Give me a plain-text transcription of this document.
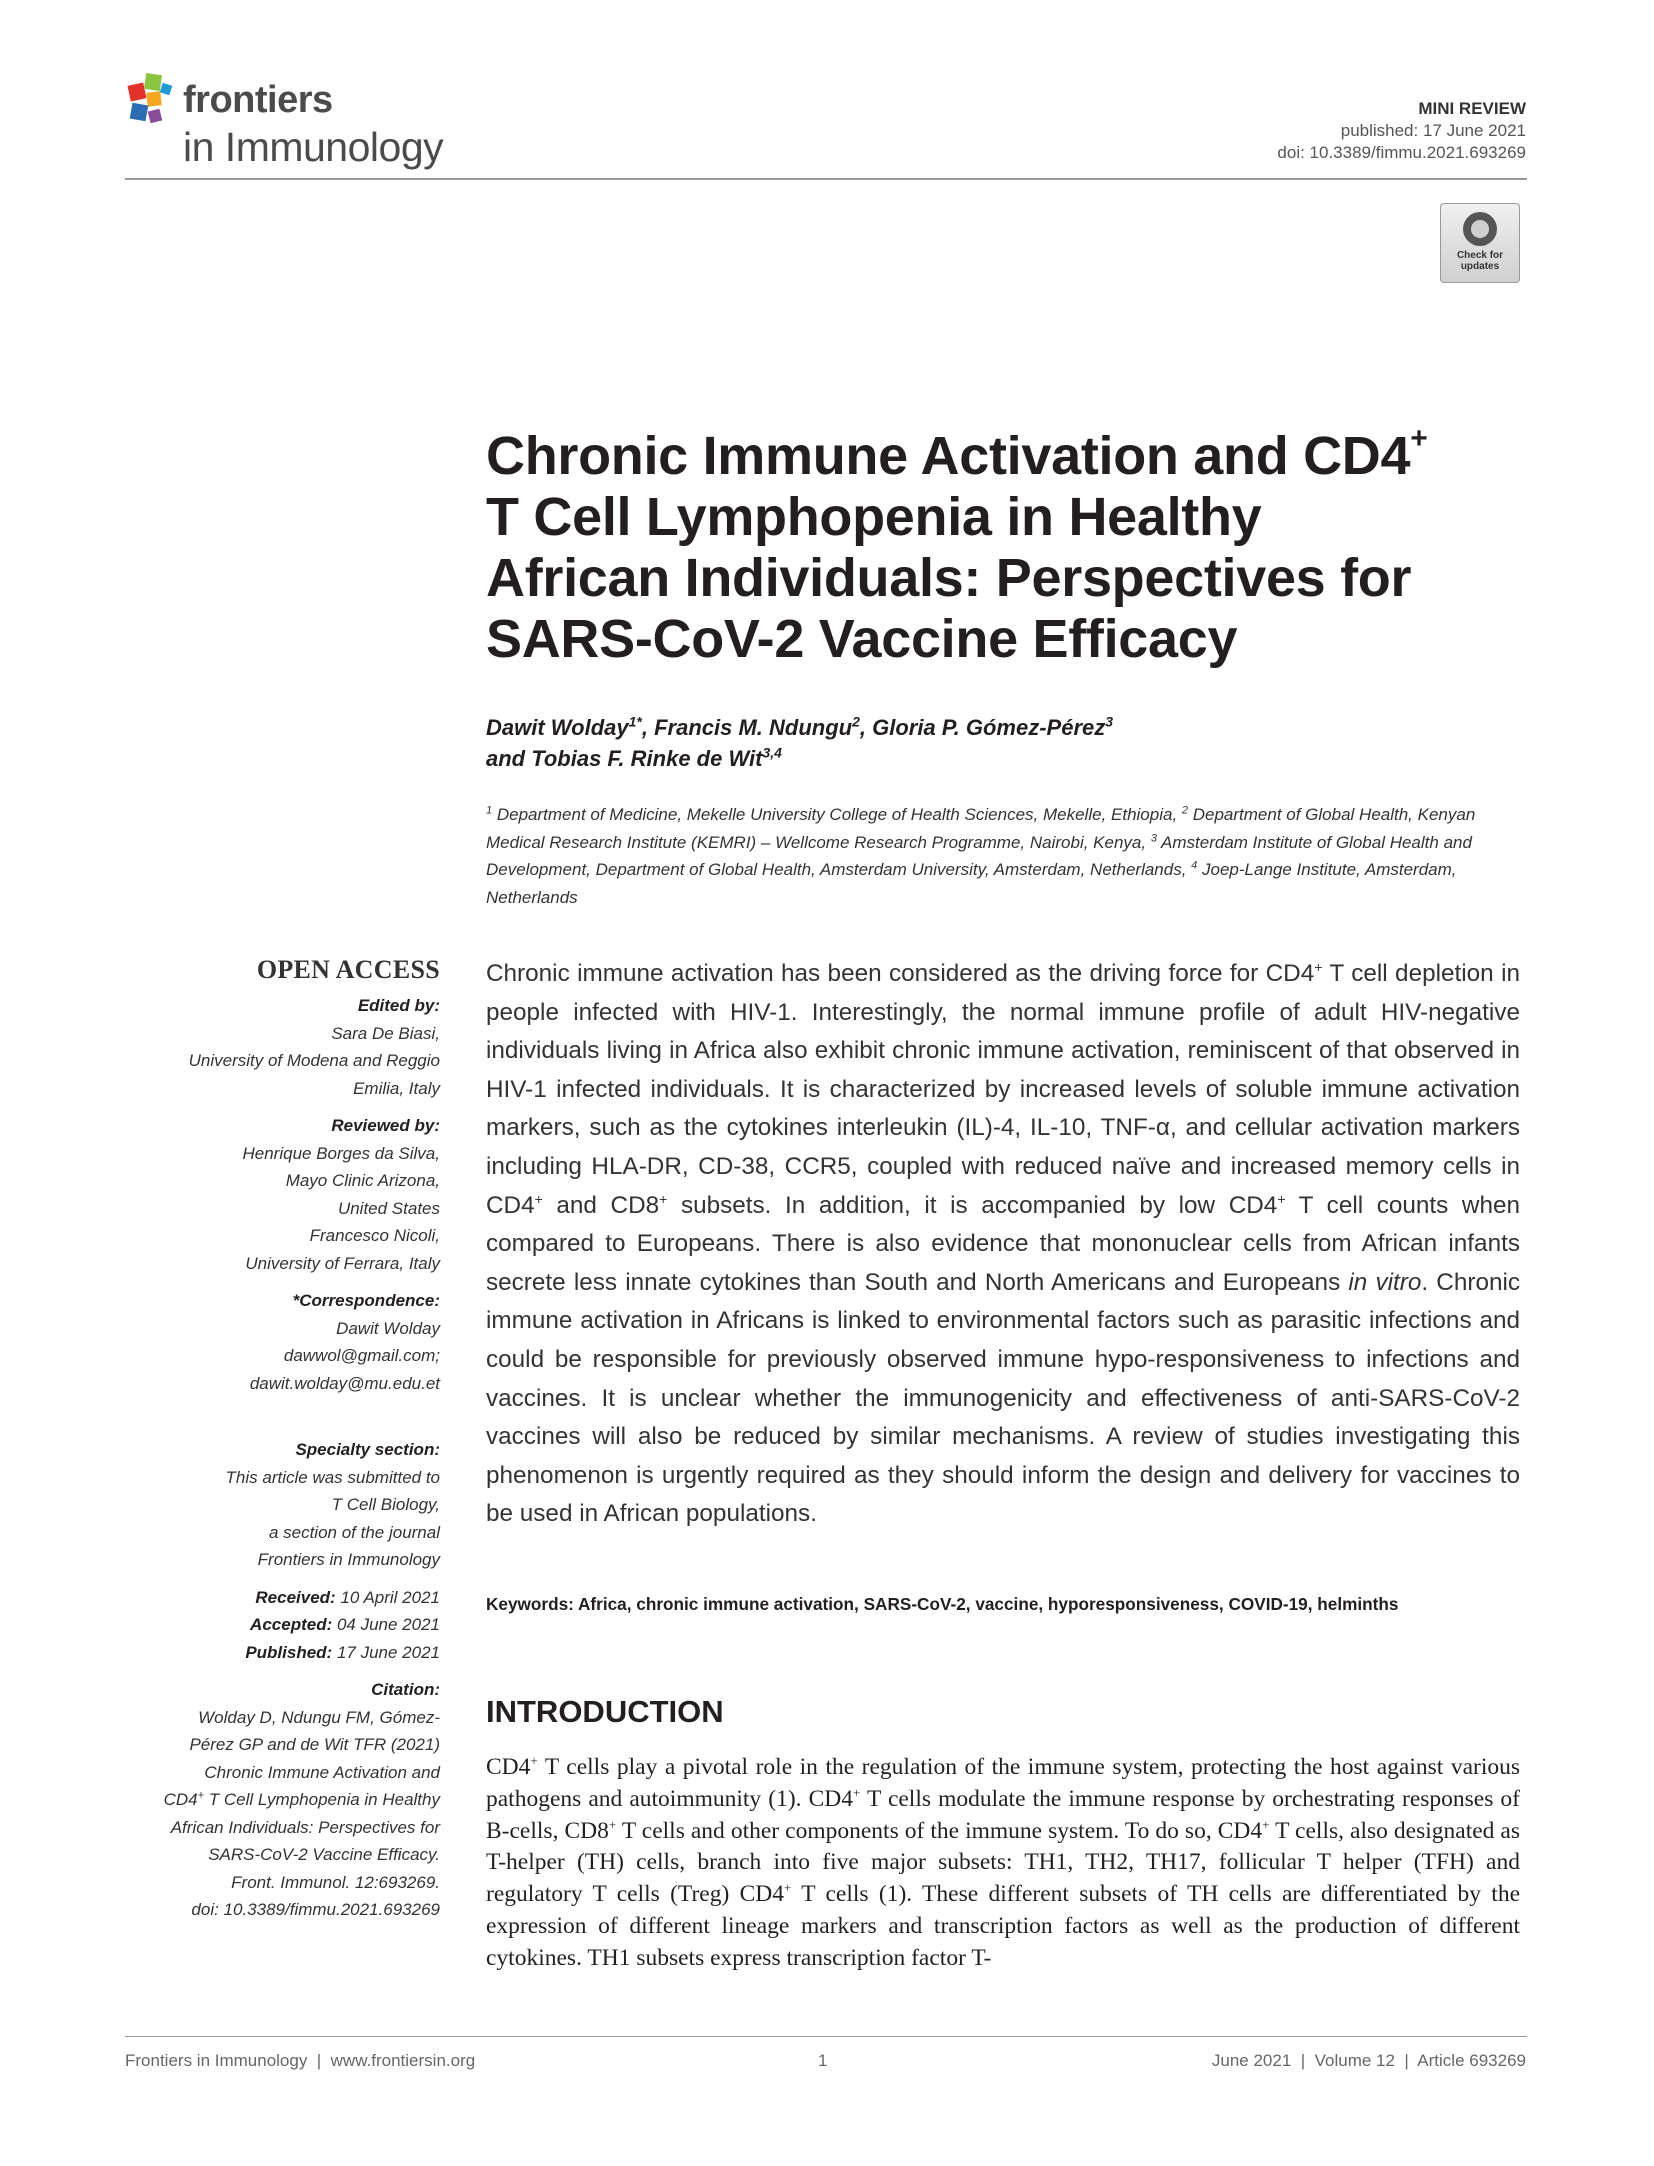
frontiers
in Immunology
MINI REVIEW
published: 17 June 2021
doi: 10.3389/fimmu.2021.693269
Check for updates
Chronic Immune Activation and CD4+
T Cell Lymphopenia in Healthy
African Individuals: Perspectives for
SARS-CoV-2 Vaccine Efficacy
Dawit Wolday$^{1*}$, Francis M. Ndungu$^2$, Gloria P. Gómez-Pérez$^3$
and Tobias F. Rinke de Wit$^{3,4}$
$^1$ Department of Medicine, Mekelle University College of Health Sciences, Mekelle, Ethiopia, $^2$ Department of Global Health, Kenyan Medical Research Institute (KEMRI) – Wellcome Research Programme, Nairobi, Kenya, $^3$ Amsterdam Institute of Global Health and Development, Department of Global Health, Amsterdam University, Amsterdam, Netherlands, $^4$ Joep-Lange Institute, Amsterdam, Netherlands
OPEN ACCESS
Edited by:
Sara De Biasi,
University of Modena and Reggio
Emilia, Italy
Reviewed by:
Henrique Borges da Silva,
Mayo Clinic Arizona,
United States
Francesco Nicoli,
University of Ferrara, Italy
*Correspondence:
Dawit Wolday
dawwol@gmail.com;
dawit.wolday@mu.edu.et
Specialty section:
This article was submitted to
T Cell Biology,
a section of the journal
Frontiers in Immunology
Received: 10 April 2021
Accepted: 04 June 2021
Published: 17 June 2021
Citation:
Wolday D, Ndungu FM, Gómez-
Pérez GP and de Wit TFR (2021)
Chronic Immune Activation and
CD4+ T Cell Lymphopenia in Healthy
African Individuals: Perspectives for
SARS-CoV-2 Vaccine Efficacy.
Front. Immunol. 12:693269.
doi: 10.3389/fimmu.2021.693269
Chronic immune activation has been considered as the driving force for CD4+ T cell depletion in people infected with HIV-1. Interestingly, the normal immune profile of adult HIV-negative individuals living in Africa also exhibit chronic immune activation, reminiscent of that observed in HIV-1 infected individuals. It is characterized by increased levels of soluble immune activation markers, such as the cytokines interleukin (IL)-4, IL-10, TNF-α, and cellular activation markers including HLA-DR, CD-38, CCR5, coupled with reduced naïve and increased memory cells in CD4+ and CD8+ subsets. In addition, it is accompanied by low CD4+ T cell counts when compared to Europeans. There is also evidence that mononuclear cells from African infants secrete less innate cytokines than South and North Americans and Europeans in vitro. Chronic immune activation in Africans is linked to environmental factors such as parasitic infections and could be responsible for previously observed immune hypo-responsiveness to infections and vaccines. It is unclear whether the immunogenicity and effectiveness of anti-SARS-CoV-2 vaccines will also be reduced by similar mechanisms. A review of studies investigating this phenomenon is urgently required as they should inform the design and delivery for vaccines to be used in African populations.
Keywords: Africa, chronic immune activation, SARS-CoV-2, vaccine, hyporesponsiveness, COVID-19, helminths
INTRODUCTION
CD4+ T cells play a pivotal role in the regulation of the immune system, protecting the host against various pathogens and autoimmunity (1). CD4+ T cells modulate the immune response by orchestrating responses of B-cells, CD8+ T cells and other components of the immune system. To do so, CD4+ T cells, also designated as T-helper (TH) cells, branch into five major subsets: TH1, TH2, TH17, follicular T helper (TFH) and regulatory T cells (Treg) CD4+ T cells (1). These different subsets of TH cells are differentiated by the expression of different lineage markers and transcription factors as well as the production of different cytokines. TH1 subsets express transcription factor T-
Frontiers in Immunology  |  www.frontiersin.org	1	June 2021  |  Volume 12  |  Article 693269
